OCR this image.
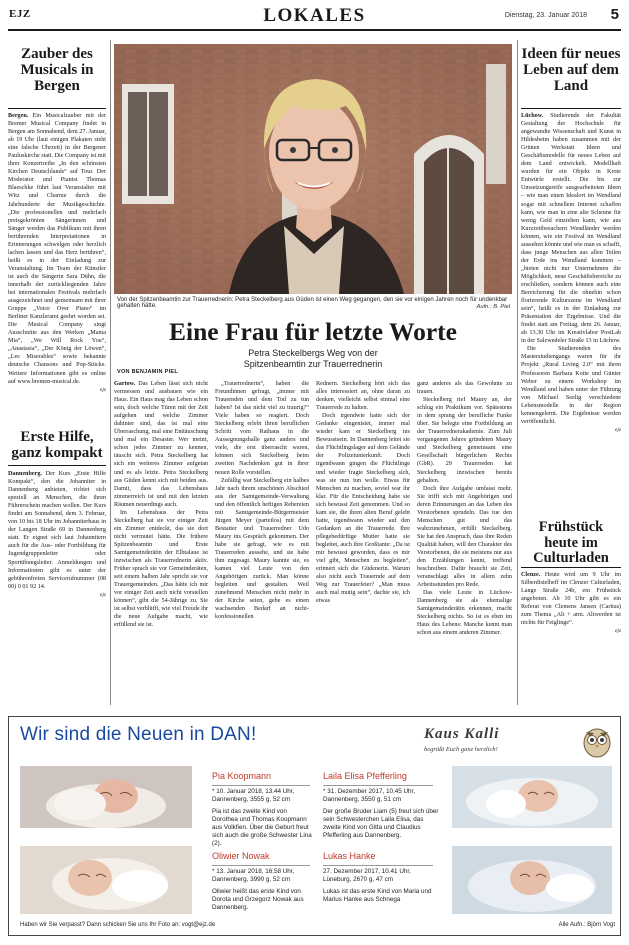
EJZ	LOKALES	Dienstag, 23. Januar 2018 5
Zauber des Musicals in Bergen

Bergen. Ein Musicalzauber mit der Bremer Musical Company findet in Bergen am Sonnabend, dem 27. Januar, ab 19 Uhr (laut einigen Plakaten steht eine falsche Uhrzeit) in der Bergener Pauluskirche statt. Die Company ist mit ihrer Konzertreihe „In den schönsten Kirchen Deutschlands“ auf Tour. Der Moderator und Pianist Thomas Blaeschke führt laut Veranstalter mit Witz und Charme durch die Jahrhunderte der Musikgeschichte. „Die professionellen und mehrfach preisgekrönten Sängerinnen und Sänger werden das Publikum mit ihren berührenden Interpretationen in Erinnerungen schwelgen oder herzlich lachen lassen und das Herz berühren“, heißt es in der Einladung zur Veranstaltung. Im Team der Künstler ist auch die Sängerin Sara Dühn, die innerhalb der zurückliegenden Jahre bei internationalen Festivals mehrfach ausgezeichnet und gemeinsam mit ihrer Gruppe „Voice Over Piano“ im Berliner Kanzleramt geehrt worden sei. Die Musical Company singt Ausschnitte aus den Werken „Mama Mia“, „We Will Rock You“, „Anastasia“, „Der König der Löwen“, „Les Miserables“ sowie bekannte deutsche Chansons und Pop-Stücke. Weitere Informationen gibt es online auf www.bremen-musical.de.
ejz

Erste Hilfe, ganz kompakt

Dannenberg. Der Kurs „Erste Hilfe Kompakt“, den die Johanniter in Dannenberg anbieten, richtet sich speziell an Menschen, die ihren Führerschein machen wollen. Der Kurs findet am Sonnabend, dem 3. Februar, von 10 bis 18 Uhr im Johanniterhaus in der Langen Straße 69 in Dannenberg statt. Er eignet sich laut Johannitern auch für die Aus- oder Fortbildung für Jugendgruppenleiter oder Sportübungsleiter. Anmeldungen und Informationen gibt es unter der gebührenfreien Servicerufnummer (08 00) 0 01 92 14.
ejz

Von der Spitzenbeamtin zur Trauerrednerin: Petra Steckelberg aus Güden ist einen Weg gegangen, den sie vor einigen Jahren noch für undenkbar gehalten hätte.	Aufn.: B. Piel
Eine Frau für letzte Worte
Petra Steckelbergs Weg von der
Spitzenbeamtin zur Trauerrednerin
VON BENJAMIN PIEL

Gartow. Das Leben lässt sich nicht vermessen und ausbauen wie ein Haus. Ein Haus mag das Leben schon sein, doch welche Türen mit der Zeit aufgehen und welche Zimmer dahinter sind, das ist mal eine Überraschung, mal eine Enttäuschung und mal ein Desaster. Wer meint, schon jedes Zimmer zu kennen, täuscht sich. Petra Steckelberg hat sich ein weiteres Zimmer aufgetan und es als letzte. Petra Steckelberg aus Güden kennt sich mit beiden aus. Damit, dass das Lebenshaus zimmerreich ist und mit den letzten Räumen neuerdings auch.

Im Lebenshaus der Petra Steckelberg hat sie vor einiger Zeit ein Zimmer entdeckt, das sie dort nicht vermutet hätte. Die frühere Spitzenbeamtin und Erste Samtgemeinderätin der Elbtalaue ist inzwischen als Trauerrednerin aktiv. Früher sprach sie vor Gemeinderäten, seit einem halben Jahr spricht sie vor Trauergemeinden. „Das hätte ich mir vor einiger Zeit auch nicht vorstellen können“, gibt die 54-Jährige zu. Sie ist selbst verblüfft, wie viel Freude ihr die neue Aufgabe macht, wie erfüllend sie ist.

„Trauerrednerin“, haben die Freundinnen gefragt, „immer mit Trauernden und dem Tod zu tun haben? Ist das nicht viel zu traurig?“ Viele haben so reagiert. Doch Steckelberg erlebt ihren beruflichen Schritt vom Rathaus in die Aussegnungshalle ganz anders und viele, die erst überrascht waren, können sich Steckelberg beim zweiten Nachdenken gut in ihrer neuen Rolle vorstellen.

Zufällig war Steckelberg ein halbes Jahr nach ihrem unschönen Abschied aus der Samtgemeinde-Verwaltung und den öffentlich heftigen Rebereien mit Samtgemeinde-Bürgermeister Jürgen Meyer (parteilos) mit dem Bestatter und Trauerredner Udo Maury ins Gespräch gekommen. Der habe sie gefragt, wie es mit Trauerreden aussehe, und sie habe ihm zugesagt. Maury kannte sie, es kamen viel Leute von den Angehörigen zurück. Man könne begleiten und gestalten. Weil zunehmend Menschen nicht mehr in der Kirche seien, gebe es einen wachsenden Bedarf an nicht-konfessionellen

Rednern. Steckelberg hört sich das alles interessiert an, ohne daran zu denken, vielleicht selbst einmal eine Trauerrede zu halten.

Doch irgendwie hatte sich der Gedanke eingenistet, immer mal wieder kam er Steckelberg ins Bewusstsein. In Dannenberg leitet sie das Flüchtlingslager auf dem Gelände der Polizeiunterkunft. Doch irgendwann gingen die Flüchtlinge und wieder fragte Steckelberg sich, was sie nun tun wolle. Etwas für Menschen zu machen, soviel war ihr klar. Für die Entscheidung habe sie sich bewusst Zeit genommen. Und so kam sie, die ihren alten Beruf gelebt hatte, irgendwann wieder auf den Gedanken an die Trauerrede. Ihre pflegebedürftige Mutter hatte sie begleitet, auch ihre Großtante: „Da ist mir bewusst geworden, dass es mir viel gibt, Menschen zu begleiten“, erinnert sich die Güdenerin. Warum also nicht auch Trauernde auf dem Weg zur Trauerfeier? „Man muss auch mal mutig sein“, dachte sie, ich etwas

ganz anderes als das Gewohnte zu trauen.

Steckelberg rief Maury an, der schlug ein Praktikum vor. Spätestens in dem sprang der berufliche Funke über. Sie belegte eine Fortbildung an der Trauerrednerakademie. Zum Juli vergangenen Jahres gründeten Maury und Steckelberg gemeinsam eine Gesellschaft bürgerlichen Rechts (GbR). 29 Trauerreden hat Steckelberg inzwischen bereits gehalten.

Doch ihre Aufgabe umfasst mehr. Sie trifft sich mit Angehörigen und deren Erinnerungen an das Leben des Verstorbenen sprudeln. Das tue den Menschen gut und das wahrzunehmen, erfüllt Steckelberg. Sie hat den Anspruch, dass ihre Reden Qualität haben, will den Charakter des Verstorbenen, die sie meistens nur aus den Erzählungen kennt, treffend beschreiben. Dafür braucht sie Zeit, veranschlagt alles in allem zehn Arbeitsstunden pro Rede.

Das viele Leute in Lüchow-Dannenberg sie als ehemalige Samtgemeinderätin erkennen, macht Steckelberg nichts. So ist es eben im Haus des Lebens: Manche kennt man schon aus einem anderen Zimmer.

Ideen für neues Leben auf dem Land

Lüchow. Studierende der Fakultät Gestaltung der Hochschule für angewandte Wissenschaft und Kunst in Hildesheim haben zusammen mit der Grünen Werkstatt Ideen und Geschäftsmodelle für neues Leben auf dem Land entwickelt. Modellhaft wurden für ein Objekt in Krote Entwürfe erstellt. Die bis zur Umsetzungsreife ausgearbeiteten Ideen – wie man einen Idealort im Wendland sogar mit schnellem Internet schaffen kann, wie man in eine alte Scheune für wenig Geld einziehen kann, wie aus Kurzzeitbesuchern Wendländer werden können, wie ein Festival im Wendland aussehen könnte und wie man es schafft, dass junge Menschen aus allen Teilen der Erde ins Wendland kommen – „bieten nicht nur Unternehmen die Möglichkeit, neue Geschäftsbereiche zu erschließen, sondern können auch eine Bereicherung für die ohnehin schon florierende Kulturszene im Wendland sein“, heißt es in der Einladung zur Präsentation der Ergebnisse. Und die findet statt am Freitag, dem 26. Januar, ab 13.30 Uhr im Kreativlabor PostLab in der Salzwedeler Straße 13 in Lüchow.

Die Studierenden des Masterstudiengangs waren für ihr Projekt „Rural Living 2.0“ mit ihren Professoren Barbara Kotte und Günter Weber zu einem Workshop im Wendland und haben unter der Führung von Michael Seelig verschiedene Lebensmodelle in der Region kennengelernt. Die Ergebnisse werden veröffentlicht.

ejz
Frühstück heute im Culturladen

Clenze. Heute wird um 9 Uhr im Silberdistelheff im Clenzer Culturladen, Lange Straße 24b, ein Frühstück angeboten. Ab 10 Uhr gibt es ein Referat von Clemens Jansen (Caritas) zum Thema „Alt + arm. Altwerden ist nichts für Feiglinge“.
ejz

Wir sind die Neuen in DAN!	Kaus Kalli
begrüßt Euch ganz herzlich!
Pia Koopmann
* 10. Januar 2018, 13.44 Uhr, Dannenberg, 3555 g, 52 cm
Pia ist das zweite Kind von Dorothea und Thomas Koopmann aus Volkfien. Über die Geburt freut sich auch die große Schwester Lina (2).
Laila Elisa Pfefferling
* 31. Dezember 2017, 10.45 Uhr, Dannenberg, 3550 g, 51 cm
Der große Bruder Liam (5) freut sich über sein Schwesterchen Laila Elisa, das zweite Kind von Gitta und Claudius Pfefferling aus Dannenberg.
Oliwier Nowak
* 13. Januar 2018, 16.58 Uhr, Dannenberg, 3990 g, 52 cm
Oliwier heißt das erste Kind von Dorota und Grzegorz Nowak aus Dannenberg.
Lukas Hanke
27. Dezember 2017, 10.41 Uhr, Lüneburg, 2670 g, 47 cm
Lukas ist das erste Kind von Maria und Marius Hanke aus Schnega
Haben wir Sie verpasst? Dann schicken Sie uns Ihr Foto an: vogt@ejz.de	Alle Aufn.: Björn Vogt
